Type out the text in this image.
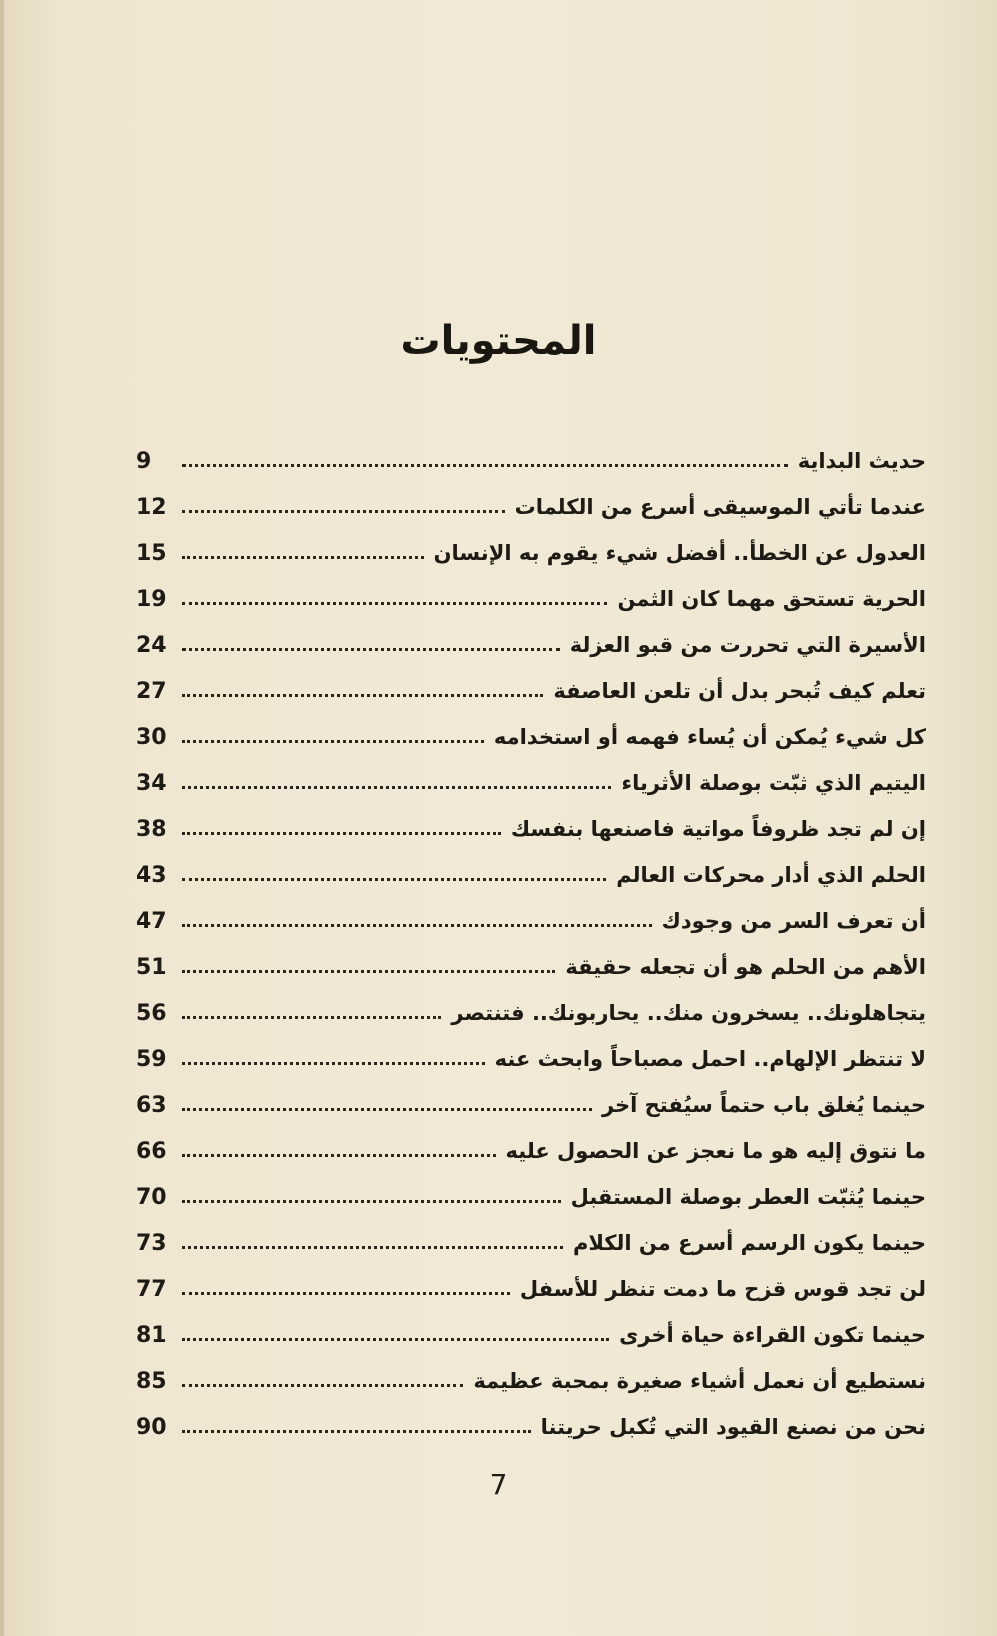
المحتويات
9	حديث البداية
12	عندما تأتي الموسيقى أسرع من الكلمات
15	العدول عن الخطأ.. أفضل شيء يقوم به الإنسان
19	الحرية تستحق مهما كان الثمن
24	الأسيرة التي تحررت من قبو العزلة
27	تعلم كيف تُبحر بدل أن تلعن العاصفة
30	كل شيء يُمكن أن يُساء فهمه أو استخدامه
34	اليتيم الذي ثبّت بوصلة الأثرياء
38	إن لم تجد ظروفاً مواتية فاصنعها بنفسك
43	الحلم الذي أدار محركات العالم
47	أن تعرف السر من وجودك
51	الأهم من الحلم هو أن تجعله حقيقة
56	يتجاهلونك.. يسخرون منك.. يحاربونك.. فتنتصر
59	لا تنتظر الإلهام.. احمل مصباحاً وابحث عنه
63	حينما يُغلق باب حتماً سيُفتح آخر
66	ما نتوق إليه هو ما نعجز عن الحصول عليه
70	حينما يُثبّت العطر بوصلة المستقبل
73	حينما يكون الرسم أسرع من الكلام
77	لن تجد قوس قزح ما دمت تنظر للأسفل
81	حينما تكون القراءة حياة أخرى
85	نستطيع أن نعمل أشياء صغيرة بمحبة عظيمة
90	نحن من نصنع القيود التي تُكبل حريتنا

7
